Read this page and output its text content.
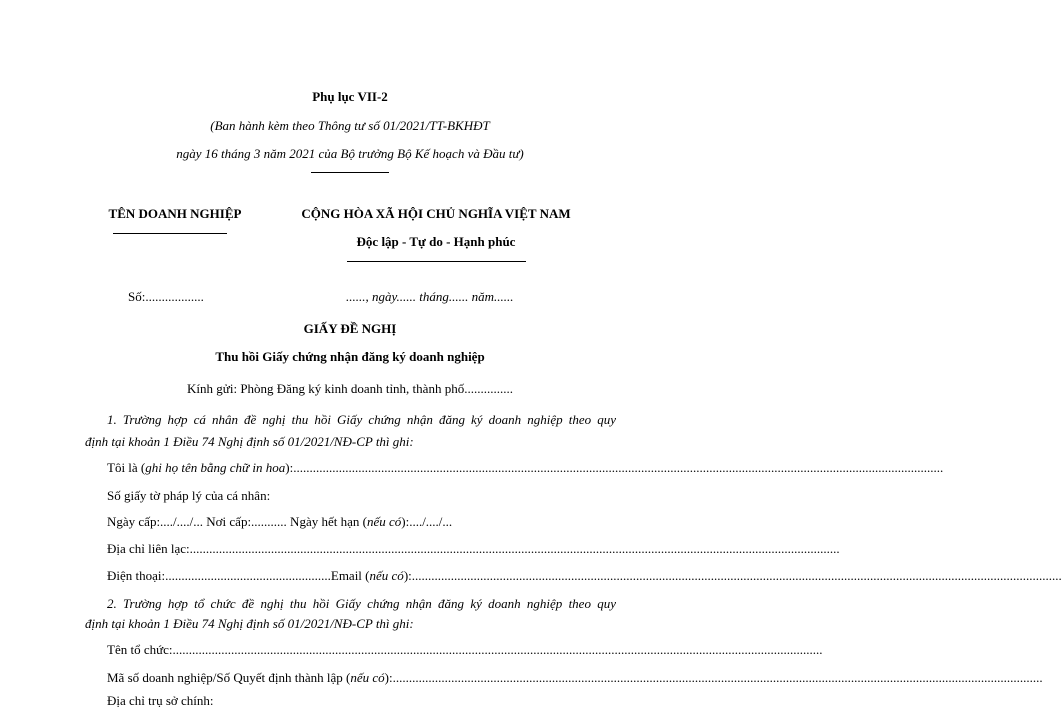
Phụ lục VII-2
(Ban hành kèm theo Thông tư số 01/2021/TT-BKHĐT
ngày 16 tháng 3 năm 2021 của Bộ trưởng Bộ Kế hoạch và Đầu tư)
TÊN DOANH NGHIỆP	CỘNG HÒA XÃ HỘI CHỦ NGHĨA VIỆT NAM
Độc lập - Tự do - Hạnh phúc
Số:..................	......, ngày...... tháng...... năm......
GIẤY ĐỀ NGHỊ
Thu hồi Giấy chứng nhận đăng ký doanh nghiệp
Kính gửi: Phòng Đăng ký kinh doanh tỉnh, thành phố...............
1. Trường hợp cá nhân đề nghị thu hồi Giấy chứng nhận đăng ký doanh nghiệp theo quy
định tại khoản 1 Điều 74 Nghị định số 01/2021/NĐ-CP thì ghi:
Tôi là (ghi họ tên bằng chữ in hoa):........................................................................................................................................................................................................
Số giấy tờ pháp lý của cá nhân:
Ngày cấp:..../..../... Nơi cấp:........... Ngày hết hạn (nếu có):..../..../...
Địa chỉ liên lạc:........................................................................................................................................................................................................
Điện thoại:...................................................Email (nếu có):........................................................................................................................................................................................................
2. Trường hợp tổ chức đề nghị thu hồi Giấy chứng nhận đăng ký doanh nghiệp theo quy
định tại khoản 1 Điều 74 Nghị định số 01/2021/NĐ-CP thì ghi:
Tên tổ chức:........................................................................................................................................................................................................
Mã số doanh nghiệp/Số Quyết định thành lập (nếu có):........................................................................................................................................................................................................
Địa chỉ trụ sở chính:
